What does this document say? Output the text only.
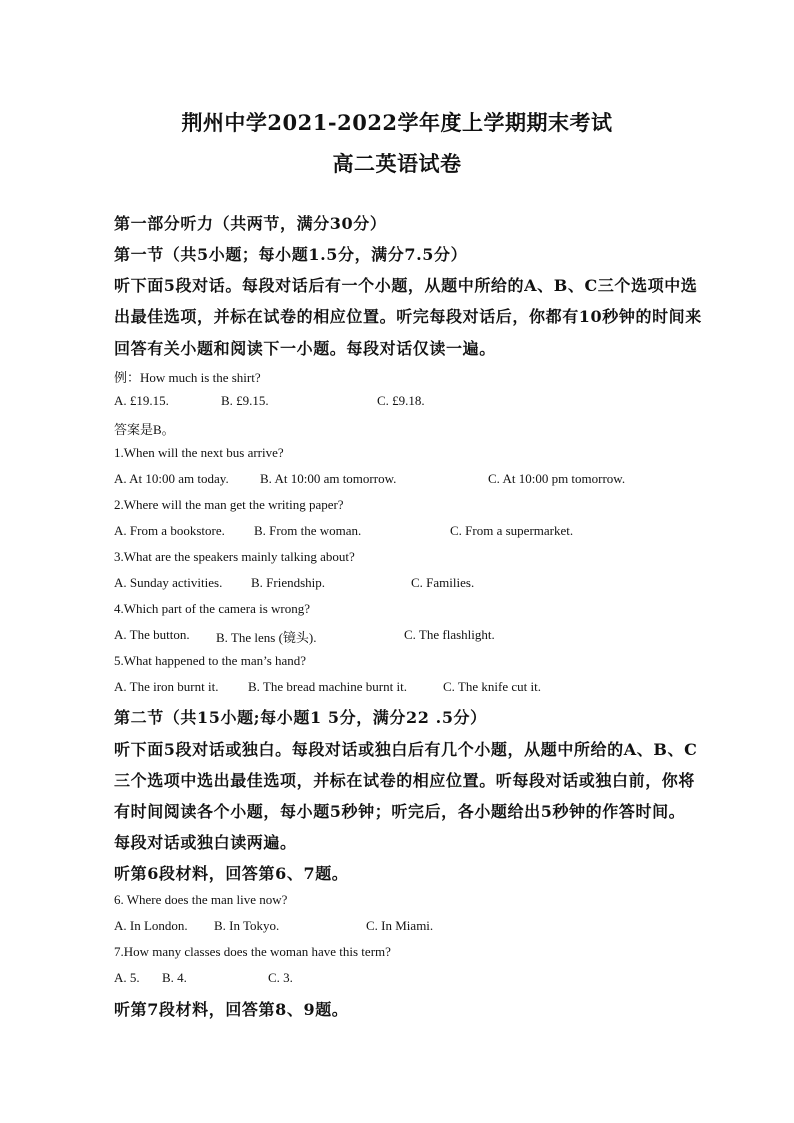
荆州中学2021-2022学年度上学期期末考试
高二英语试卷
第一部分听力（共两节，满分30分）
第一节（共5小题；每小题1.5分，满分7.5分）
听下面5段对话。每段对话后有一个小题，从题中所给的A、B、C三个选项中选
出最佳选项，并标在试卷的相应位置。听完每段对话后，你都有10秒钟的时间来
回答有关小题和阅读下一小题。每段对话仅读一遍。
例：How much is the shirt?
A. £19.15.	B. £9.15.	C. £9.18.
答案是B。
1.When will the next bus arrive?
A. At 10:00 am today. B. At 10:00 am tomorrow.	C. At 10:00 pm tomorrow.
2.Where will the man get the writing paper?
A. From a bookstore. B. From the woman.	C. From a supermarket.
3.What are the speakers mainly talking about?
A. Sunday activities. B. Friendship.	C. Families.
4.Which part of the camera is wrong?
A. The button. B. The lens (镜头).	C. The flashlight.
5.What happened to the man’s hand?
A. The iron burnt it. B. The bread machine burnt it.	C. The knife cut it.
第二节（共15小题;每小题1 5分，满分22 .5分）
听下面5段对话或独白。每段对话或独白后有几个小题，从题中所给的A、B、C
三个选项中选出最佳选项，并标在试卷的相应位置。听每段对话或独白前，你将
有时间阅读各个小题，每小题5秒钟；听完后，各小题给出5秒钟的作答时间。
每段对话或独白读两遍。
听第6段材料，回答第6、7题。
6. Where does the man live now?
A. In London. B. In Tokyo.	C. In Miami.
7.How many classes does the woman have this term?
A. 5. B. 4.	C. 3.
听第7段材料，回答第8、9题。
